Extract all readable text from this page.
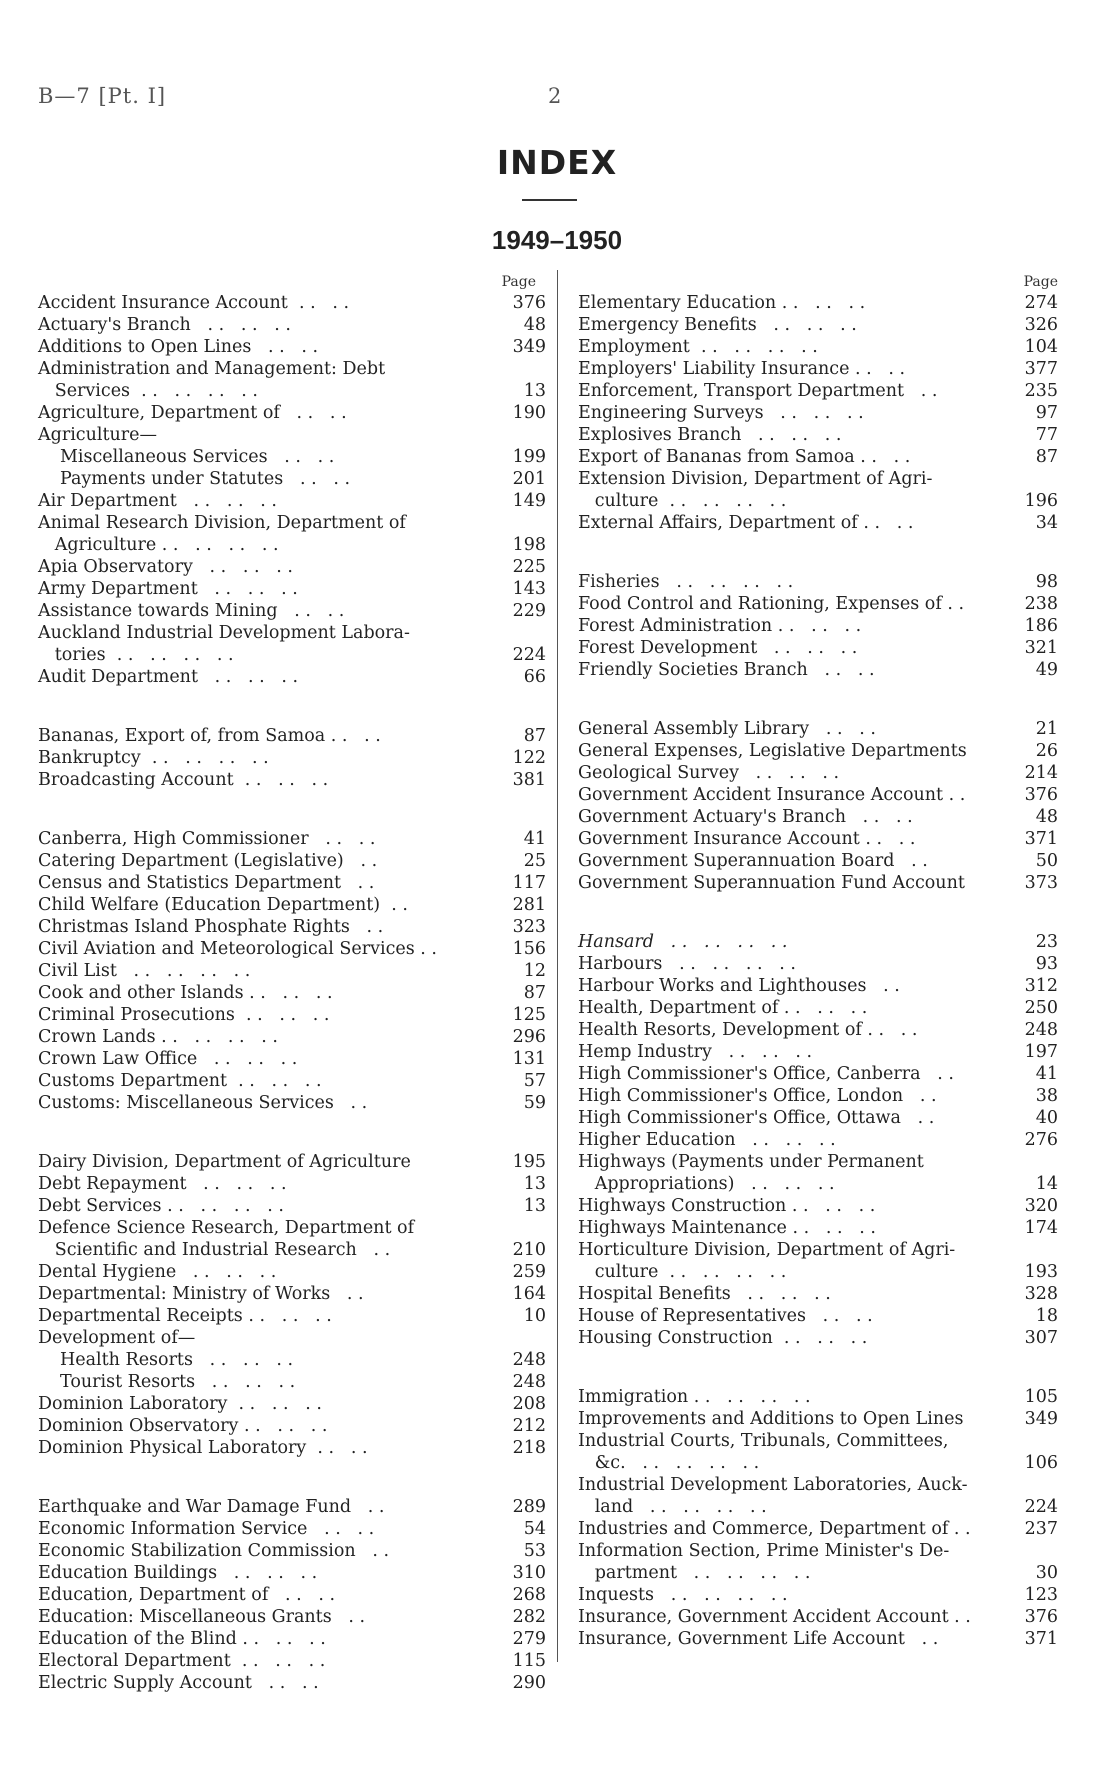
B—7 [Pt. I]	2
INDEX
1949–1950
Page
Accident Insurance Account  . .   . .	376
Actuary's Branch   . .   . .   . .	48
Additions to Open Lines   . .   . .	349
Administration and Management: Debt
Services  . .   . .   . .   . .	13
Agriculture, Department of   . .   . .	190
Agriculture—
Miscellaneous Services   . .   . .	199
Payments under Statutes   . .   . .	201
Air Department   . .   . .   . .	149
Animal Research Division, Department of
Agriculture . .   . .   . .   . .	198
Apia Observatory   . .   . .   . .	225
Army Department   . .   . .   . .	143
Assistance towards Mining   . .   . .	229
Auckland Industrial Development Labora-
tories  . .   . .   . .   . .	224
Audit Department   . .   . .   . .	66
Bananas, Export of, from Samoa . .   . .	87
Bankruptcy  . .   . .   . .   . .	122
Broadcasting Account  . .   . .   . .	381
Canberra, High Commissioner   . .   . .	41
Catering Department (Legislative)   . .	25
Census and Statistics Department   . .	117
Child Welfare (Education Department)  . .	281
Christmas Island Phosphate Rights   . .	323
Civil Aviation and Meteorological Services . .	156
Civil List   . .   . .   . .   . .	12
Cook and other Islands . .   . .   . .	87
Criminal Prosecutions  . .   . .   . .	125
Crown Lands . .   . .   . .   . .	296
Crown Law Office   . .   . .   . .	131
Customs Department  . .   . .   . .	57
Customs: Miscellaneous Services   . .	59
Dairy Division, Department of Agriculture	195
Debt Repayment   . .   . .   . .	13
Debt Services . .   . .   . .   . .	13
Defence Science Research, Department of
Scientific and Industrial Research   . .	210
Dental Hygiene   . .   . .   . .	259
Departmental: Ministry of Works   . .	164
Departmental Receipts . .   . .   . .	10
Development of—
Health Resorts   . .   . .   . .	248
Tourist Resorts   . .   . .   . .	248
Dominion Laboratory  . .   . .   . .	208
Dominion Observatory . .   . .   . .	212
Dominion Physical Laboratory  . .   . .	218
Earthquake and War Damage Fund   . .	289
Economic Information Service   . .   . .	54
Economic Stabilization Commission   . .	53
Education Buildings   . .   . .   . .	310
Education, Department of   . .   . .	268
Education: Miscellaneous Grants   . .	282
Education of the Blind . .   . .   . .	279
Electoral Department  . .   . .   . .	115
Electric Supply Account   . .   . .	290
Page
Elementary Education . .   . .   . .	274
Emergency Benefits   . .   . .   . .	326
Employment  . .   . .   . .   . .	104
Employers' Liability Insurance . .   . .	377
Enforcement, Transport Department   . .	235
Engineering Surveys   . .   . .   . .	97
Explosives Branch   . .   . .   . .	77
Export of Bananas from Samoa . .   . .	87
Extension Division, Department of Agri-
culture  . .   . .   . .   . .	196
External Affairs, Department of . .   . .	34
Fisheries   . .   . .   . .   . .	98
Food Control and Rationing, Expenses of . .	238
Forest Administration . .   . .   . .	186
Forest Development   . .   . .   . .	321
Friendly Societies Branch   . .   . .	49
General Assembly Library   . .   . .	21
General Expenses, Legislative Departments	26
Geological Survey   . .   . .   . .	214
Government Accident Insurance Account . .	376
Government Actuary's Branch   . .   . .	48
Government Insurance Account . .   . .	371
Government Superannuation Board   . .	50
Government Superannuation Fund Account	373
Hansard   . .   . .   . .   . .	23
Harbours   . .   . .   . .   . .	93
Harbour Works and Lighthouses   . .	312
Health, Department of . .   . .   . .	250
Health Resorts, Development of . .   . .	248
Hemp Industry   . .   . .   . .	197
High Commissioner's Office, Canberra   . .	41
High Commissioner's Office, London   . .	38
High Commissioner's Office, Ottawa   . .	40
Higher Education   . .   . .   . .	276
Highways (Payments under Permanent
Appropriations)   . .   . .   . .	14
Highways Construction . .   . .   . .	320
Highways Maintenance . .   . .   . .	174
Horticulture Division, Department of Agri-
culture  . .   . .   . .   . .	193
Hospital Benefits   . .   . .   . .	328
House of Representatives   . .   . .	18
Housing Construction  . .   . .   . .	307
Immigration . .   . .   . .   . .	105
Improvements and Additions to Open Lines	349
Industrial Courts, Tribunals, Committees,
&c.   . .   . .   . .   . .	106
Industrial Development Laboratories, Auck-
land   . .   . .   . .   . .	224
Industries and Commerce, Department of . .	237
Information Section, Prime Minister's De-
partment   . .   . .   . .   . .	30
Inquests   . .   . .   . .   . .	123
Insurance, Government Accident Account . .	376
Insurance, Government Life Account   . .	371
